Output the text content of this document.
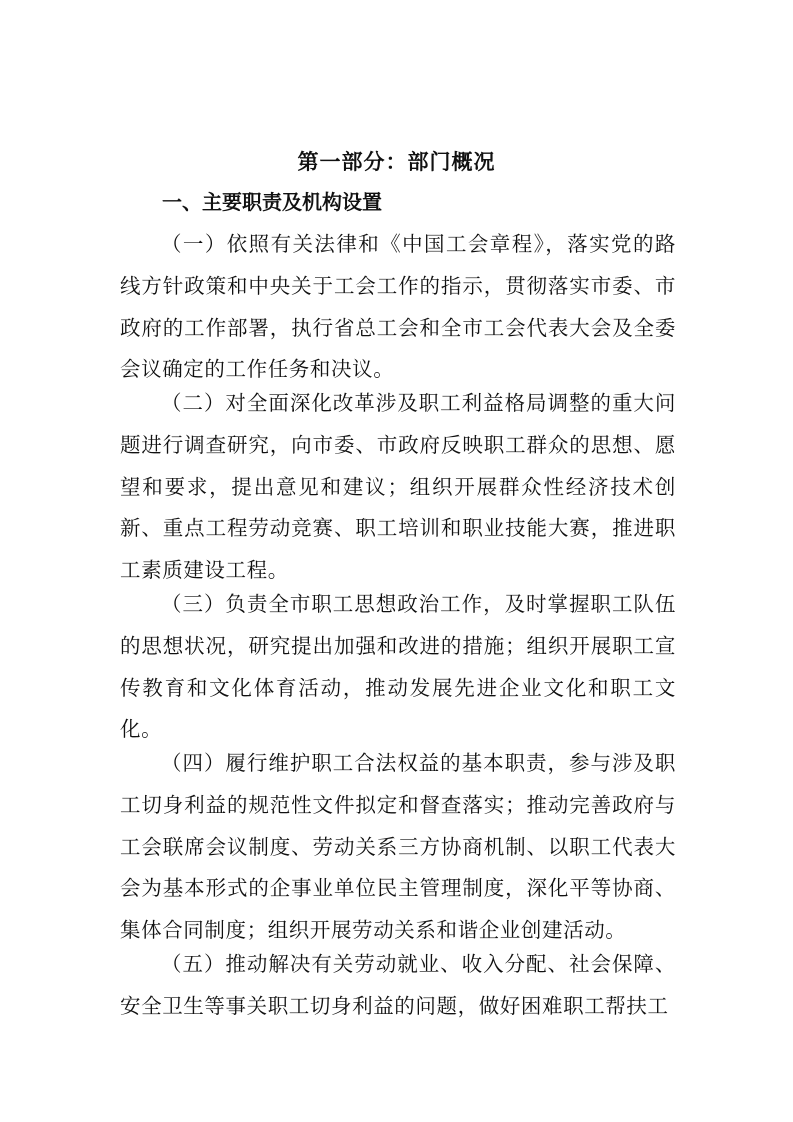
第一部分：部门概况
一、主要职责及机构设置

（一）依照有关法律和《中国工会章程》，落实党的路线方针政策和中央关于工会工作的指示，贯彻落实市委、市政府的工作部署，执行省总工会和全市工会代表大会及全委会议确定的工作任务和决议。

（二）对全面深化改革涉及职工利益格局调整的重大问题进行调查研究，向市委、市政府反映职工群众的思想、愿望和要求，提出意见和建议；组织开展群众性经济技术创新、重点工程劳动竞赛、职工培训和职业技能大赛，推进职工素质建设工程。

（三）负责全市职工思想政治工作，及时掌握职工队伍的思想状况，研究提出加强和改进的措施；组织开展职工宣传教育和文化体育活动，推动发展先进企业文化和职工文化。

（四）履行维护职工合法权益的基本职责，参与涉及职工切身利益的规范性文件拟定和督查落实；推动完善政府与工会联席会议制度、劳动关系三方协商机制、以职工代表大会为基本形式的企事业单位民主管理制度，深化平等协商、集体合同制度；组织开展劳动关系和谐企业创建活动。

（五）推动解决有关劳动就业、收入分配、社会保障、安全卫生等事关职工切身利益的问题，做好困难职工帮扶工
